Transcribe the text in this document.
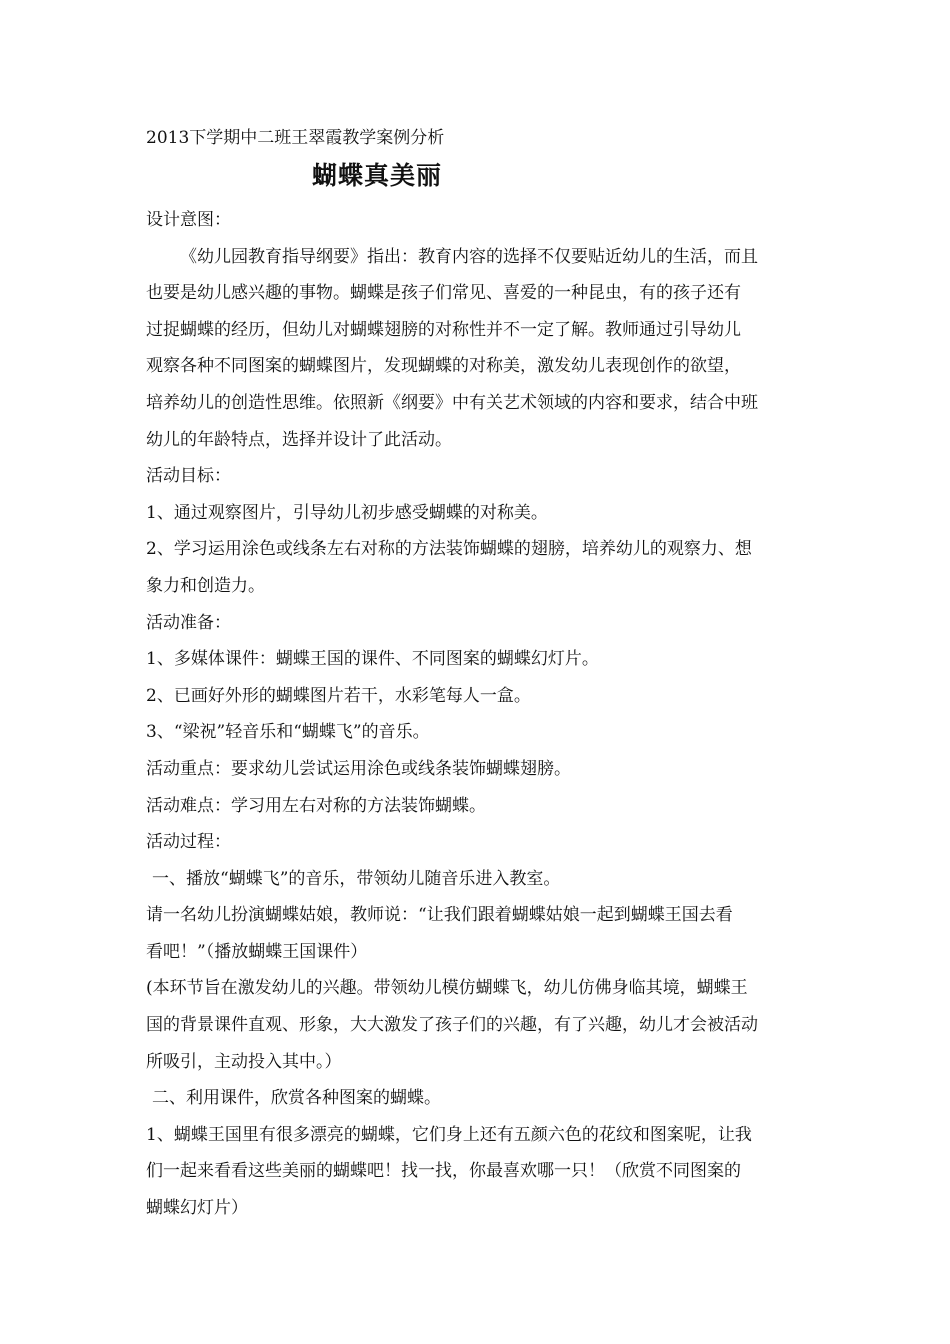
2013下学期中二班王翠霞教学案例分析
蝴蝶真美丽
设计意图：
《幼儿园教育指导纲要》指出：教育内容的选择不仅要贴近幼儿的生活，而且
也要是幼儿感兴趣的事物。蝴蝶是孩子们常见、喜爱的一种昆虫，有的孩子还有
过捉蝴蝶的经历，但幼儿对蝴蝶翅膀的对称性并不一定了解。教师通过引导幼儿
观察各种不同图案的蝴蝶图片，发现蝴蝶的对称美，激发幼儿表现创作的欲望，
培养幼儿的创造性思维。依照新《纲要》中有关艺术领域的内容和要求，结合中班
幼儿的年龄特点，选择并设计了此活动。
活动目标：
1、通过观察图片，引导幼儿初步感受蝴蝶的对称美。
2、学习运用涂色或线条左右对称的方法装饰蝴蝶的翅膀，培养幼儿的观察力、想
象力和创造力。
活动准备：
1、多媒体课件：蝴蝶王国的课件、不同图案的蝴蝶幻灯片。
2、已画好外形的蝴蝶图片若干，水彩笔每人一盒。
3、“梁祝”轻音乐和“蝴蝶飞”的音乐。
活动重点：要求幼儿尝试运用涂色或线条装饰蝴蝶翅膀。
活动难点：学习用左右对称的方法装饰蝴蝶。
活动过程：
一、播放“蝴蝶飞”的音乐，带领幼儿随音乐进入教室。
请一名幼儿扮演蝴蝶姑娘，教师说：“让我们跟着蝴蝶姑娘一起到蝴蝶王国去看
看吧！”（播放蝴蝶王国课件）
(本环节旨在激发幼儿的兴趣。带领幼儿模仿蝴蝶飞，幼儿仿佛身临其境，蝴蝶王
国的背景课件直观、形象，大大激发了孩子们的兴趣，有了兴趣，幼儿才会被活动
所吸引，主动投入其中。）
二、利用课件，欣赏各种图案的蝴蝶。
1、蝴蝶王国里有很多漂亮的蝴蝶，它们身上还有五颜六色的花纹和图案呢，让我
们一起来看看这些美丽的蝴蝶吧！找一找，你最喜欢哪一只！（欣赏不同图案的
蝴蝶幻灯片）
